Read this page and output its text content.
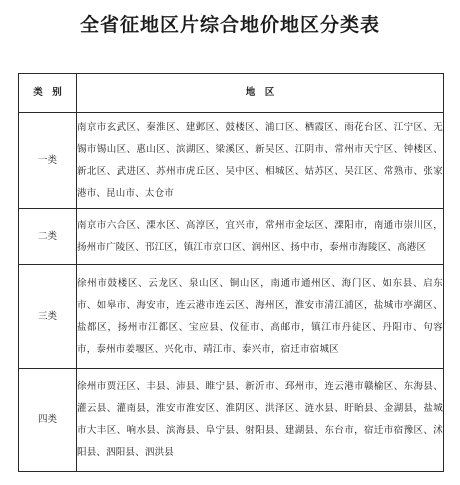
全省征地区片综合地价地区分类表
类　别	地　区
一类	南京市玄武区、秦淮区、建邺区、鼓楼区、浦口区、栖霞区、雨花台区、江宁区、无锡市锡山区、惠山区、滨湖区、梁溪区、新吴区、江阴市、常州市天宁区、钟楼区、新北区、武进区、苏州市虎丘区、吴中区、相城区、姑苏区、吴江区、常熟市、张家港市、昆山市、太仓市
二类	南京市六合区、溧水区、高淳区，宜兴市，常州市金坛区、溧阳市，南通市崇川区，扬州市广陵区、邗江区，镇江市京口区、润州区、扬中市，泰州市海陵区、高港区
三类	徐州市鼓楼区、云龙区、泉山区、铜山区，南通市通州区、海门区、如东县、启东市、如皋市、海安市，连云港市连云区、海州区，淮安市清江浦区，盐城市亭湖区、盐都区，扬州市江都区、宝应县、仪征市、高邮市，镇江市丹徒区、丹阳市、句容市，泰州市姜堰区、兴化市、靖江市、泰兴市，宿迁市宿城区
四类	徐州市贾汪区、丰县、沛县、睢宁县、新沂市、邳州市，连云港市赣榆区、东海县、灌云县、灌南县，淮安市淮安区、淮阴区、洪泽区、涟水县、盱眙县、金湖县，盐城市大丰区、响水县、滨海县、阜宁县、射阳县、建湖县、东台市，宿迁市宿豫区、沭阳县、泗阳县、泗洪县
